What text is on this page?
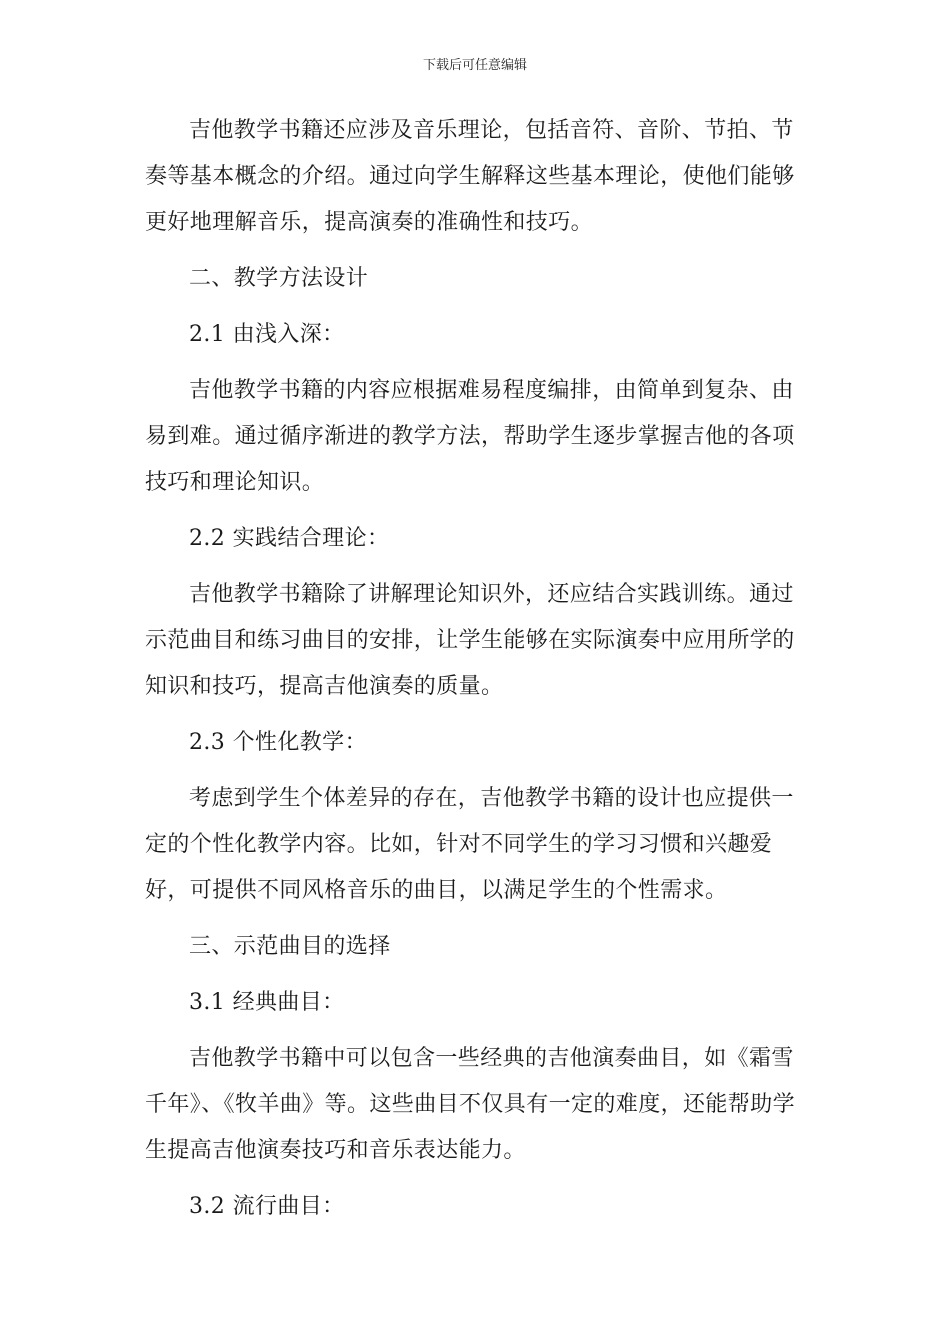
下载后可任意编辑

吉他教学书籍还应涉及音乐理论，包括音符、音阶、节拍、节奏等基本概念的介绍。通过向学生解释这些基本理论，使他们能够更好地理解音乐，提高演奏的准确性和技巧。

二、教学方法设计

2.1 由浅入深：

吉他教学书籍的内容应根据难易程度编排，由简单到复杂、由易到难。通过循序渐进的教学方法，帮助学生逐步掌握吉他的各项技巧和理论知识。

2.2 实践结合理论：

吉他教学书籍除了讲解理论知识外，还应结合实践训练。通过示范曲目和练习曲目的安排，让学生能够在实际演奏中应用所学的知识和技巧，提高吉他演奏的质量。

2.3 个性化教学：

考虑到学生个体差异的存在，吉他教学书籍的设计也应提供一定的个性化教学内容。比如，针对不同学生的学习习惯和兴趣爱好，可提供不同风格音乐的曲目，以满足学生的个性需求。

三、示范曲目的选择

3.1 经典曲目：

吉他教学书籍中可以包含一些经典的吉他演奏曲目，如《霜雪千年》、《牧羊曲》等。这些曲目不仅具有一定的难度，还能帮助学生提高吉他演奏技巧和音乐表达能力。

3.2 流行曲目：
